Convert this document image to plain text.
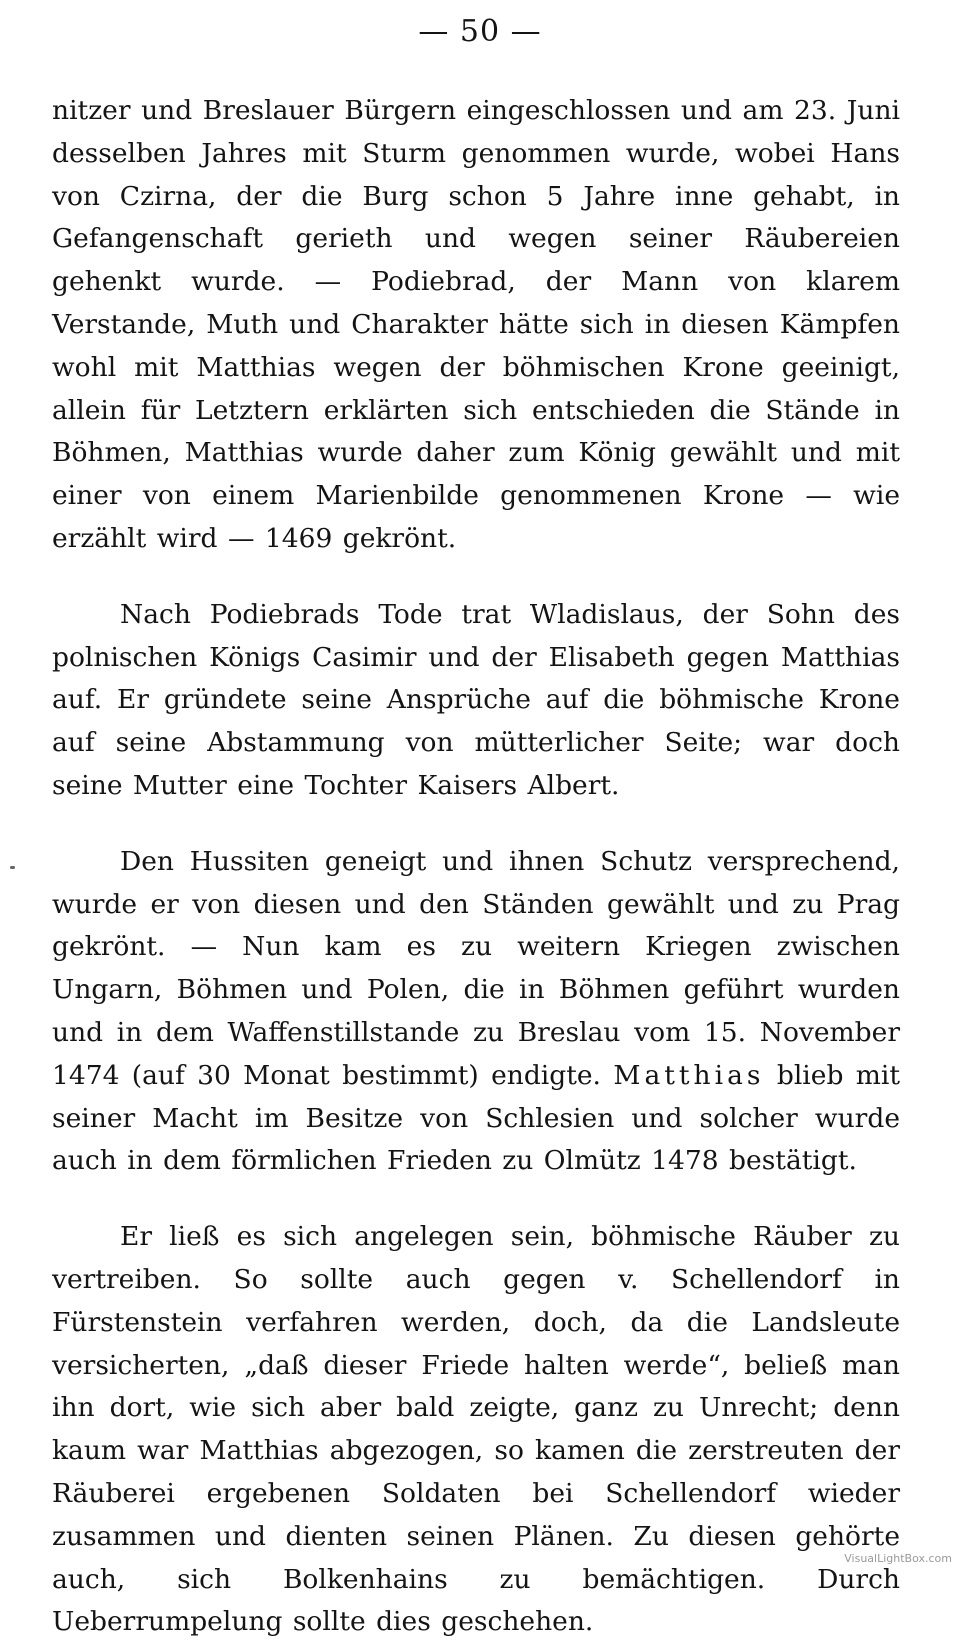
— 50 —

nitzer und Breslauer Bürgern eingeschlossen und am 23. Juni desselben Jahres mit Sturm genommen wurde, wobei Hans von Czirna, der die Burg schon 5 Jahre inne gehabt, in Gefangenschaft gerieth und wegen seiner Räubereien gehenkt wurde. — Podiebrad, der Mann von klarem Verstande, Muth und Charakter hätte sich in diesen Kämpfen wohl mit Matthias wegen der böhmischen Krone geeinigt, allein für Letztern erklärten sich entschieden die Stände in Böhmen, Matthias wurde daher zum König gewählt und mit einer von einem Marienbilde genommenen Krone — wie erzählt wird — 1469 gekrönt.

Nach Podiebrads Tode trat Wladislaus, der Sohn des polnischen Königs Casimir und der Elisabeth gegen Matthias auf. Er gründete seine Ansprüche auf die böhmische Krone auf seine Abstammung von mütterlicher Seite; war doch seine Mutter eine Tochter Kaisers Albert.

Den Hussiten geneigt und ihnen Schutz versprechend, wurde er von diesen und den Ständen gewählt und zu Prag gekrönt. — Nun kam es zu weitern Kriegen zwischen Ungarn, Böhmen und Polen, die in Böhmen geführt wurden und in dem Waffenstillstande zu Breslau vom 15. November 1474 (auf 30 Monat bestimmt) endigte. Matthias blieb mit seiner Macht im Besitze von Schlesien und solcher wurde auch in dem förmlichen Frieden zu Olmütz 1478 bestätigt.

Er ließ es sich angelegen sein, böhmische Räuber zu vertreiben. So sollte auch gegen v. Schellendorf in Fürstenstein verfahren werden, doch, da die Landsleute versicherten, „daß dieser Friede halten werde“, beließ man ihn dort, wie sich aber bald zeigte, ganz zu Unrecht; denn kaum war Matthias abgezogen, so kamen die zerstreuten der Räuberei ergebenen Soldaten bei Schellendorf wieder zusammen und dienten seinen Plänen. Zu diesen gehörte auch, sich Bolkenhains zu bemächtigen. Durch Ueberrumpelung sollte dies geschehen.

VisualLightBox.com
